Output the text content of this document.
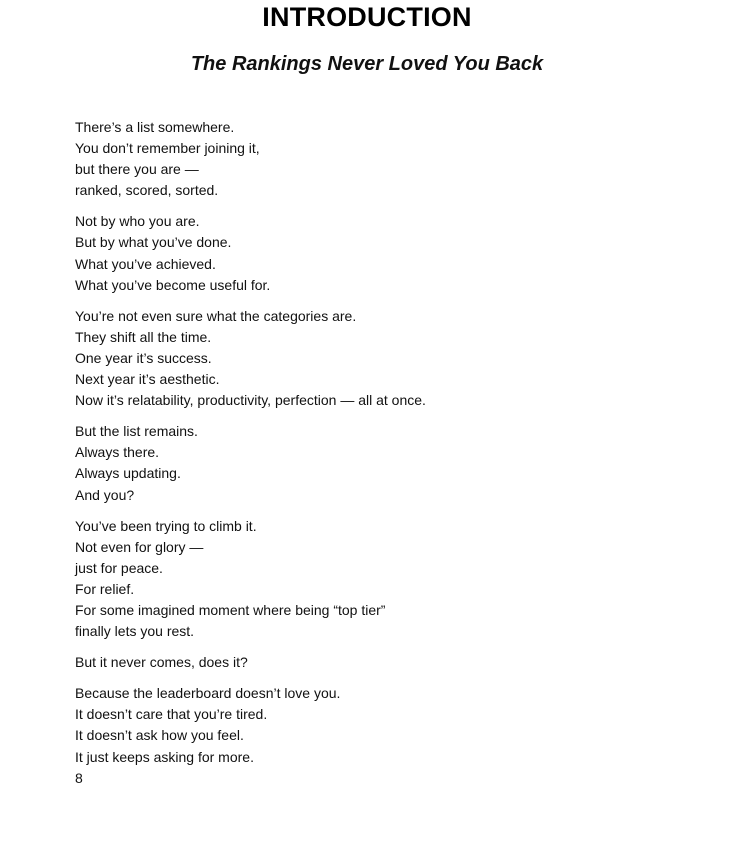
INTRODUCTION
The Rankings Never Loved You Back
There’s a list somewhere.
You don’t remember joining it,
but there you are —
ranked, scored, sorted.
Not by who you are.
But by what you’ve done.
What you’ve achieved.
What you’ve become useful for.
You’re not even sure what the categories are.
They shift all the time.
One year it’s success.
Next year it’s aesthetic.
Now it’s relatability, productivity, perfection — all at once.
But the list remains.
Always there.
Always updating.
And you?
You’ve been trying to climb it.
Not even for glory —
just for peace.
For relief.
For some imagined moment where being “top tier”
finally lets you rest.
But it never comes, does it?
Because the leaderboard doesn’t love you.
It doesn’t care that you’re tired.
It doesn’t ask how you feel.
It just keeps asking for more.
8
